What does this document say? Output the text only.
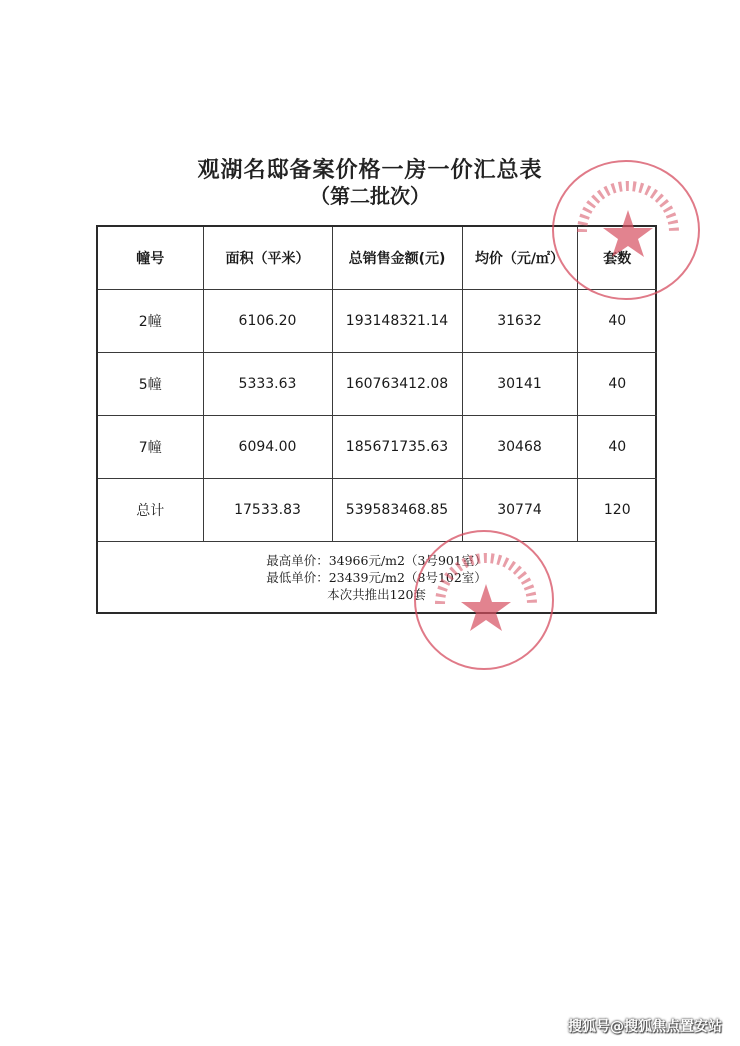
观湖名邸备案价格一房一价汇总表
（第二批次）
幢号	面积（平米）	总销售金额(元)	均价（元/㎡）	套数
2幢	6106.20	193148321.14	31632	40
5幢	5333.63	160763412.08	30141	40
7幢	6094.00	185671735.63	30468	40
总计	17533.83	539583468.85	30774	120
最高单价：34966元/m2（3号901室）
最低单价：23439元/m2（8号102室）
本次共推出120套
搜狐号@搜狐焦点置安站
